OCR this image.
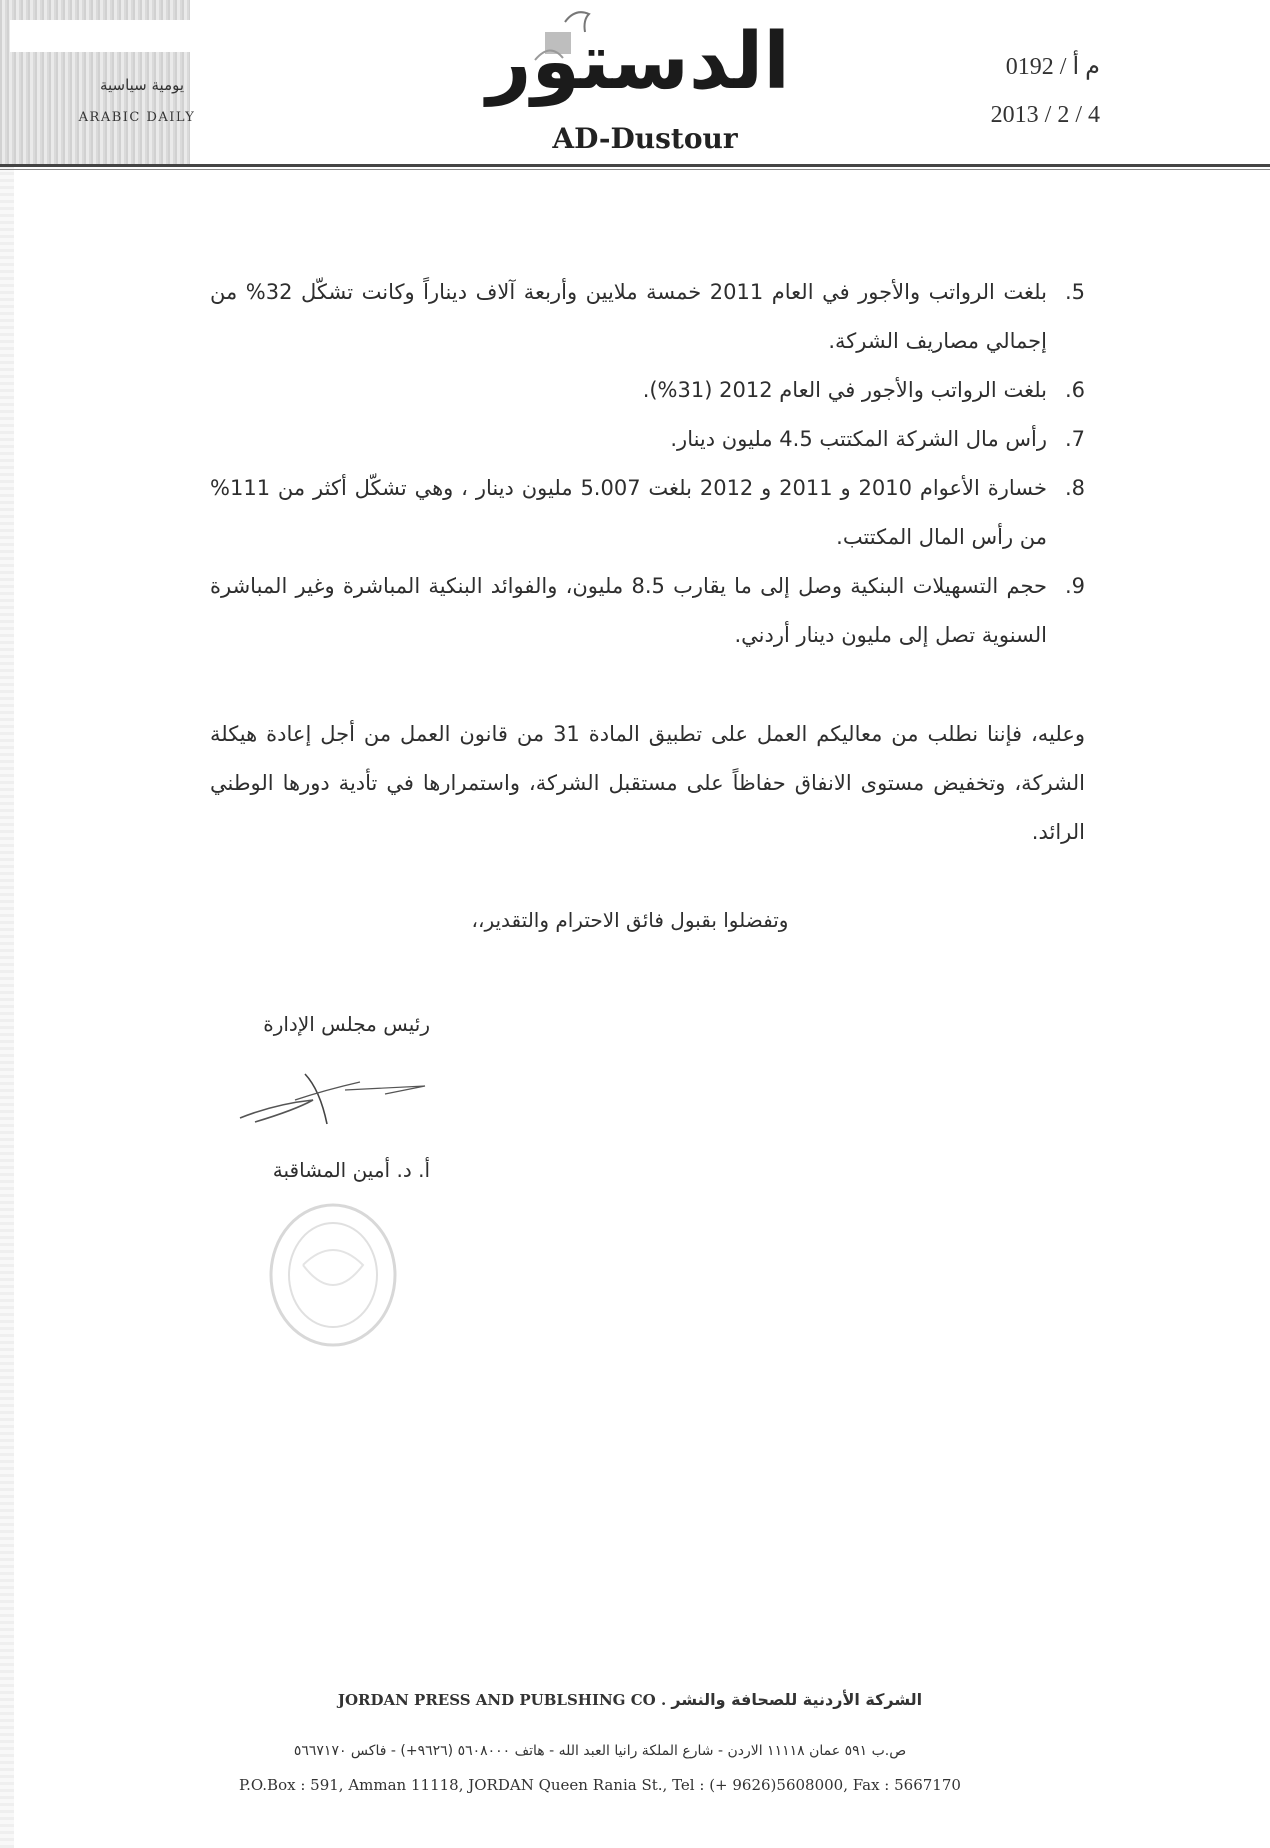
يومية سياسية
ARABIC DAILY
الدستور
AD-Dustour
م أ / 0192
2013 / 2 / 4
5.
بلغت الرواتب والأجور في العام 2011 خمسة ملايين وأربعة آلاف ديناراً وكانت تشكّل 32% من إجمالي مصاريف الشركة.
6.
بلغت الرواتب والأجور في العام 2012 (31%).
7.
رأس مال الشركة المكتتب 4.5 مليون دينار.
8.
خسارة الأعوام 2010 و 2011 و 2012 بلغت 5.007 مليون دينار ، وهي تشكّل أكثر من 111% من رأس المال المكتتب.
9.
حجم التسهيلات البنكية وصل إلى ما يقارب 8.5 مليون، والفوائد البنكية المباشرة وغير المباشرة السنوية تصل إلى مليون دينار أردني.

وعليه، فإننا نطلب من معاليكم العمل على تطبيق المادة 31 من قانون العمل من أجل إعادة هيكلة الشركة، وتخفيض مستوى الانفاق حفاظاً على مستقبل الشركة، واستمرارها في تأدية دورها الوطني الرائد.

وتفضلوا بقبول فائق الاحترام والتقدير،،
رئيس مجلس الإدارة
أ. د. أمين المشاقبة
JORDAN PRESS AND PUBLSHING CO . الشركة الأردنية للصحافة والنشر
ص.ب ٥٩١ عمان ١١١١٨ الاردن - شارع الملكة رانيا العبد الله - هاتف ٥٦٠٨٠٠٠ (٩٦٢٦+) - فاكس ٥٦٦٧١٧٠
P.O.Box : 591, Amman 11118, JORDAN Queen Rania St., Tel : (+ 9626)5608000, Fax : 5667170
